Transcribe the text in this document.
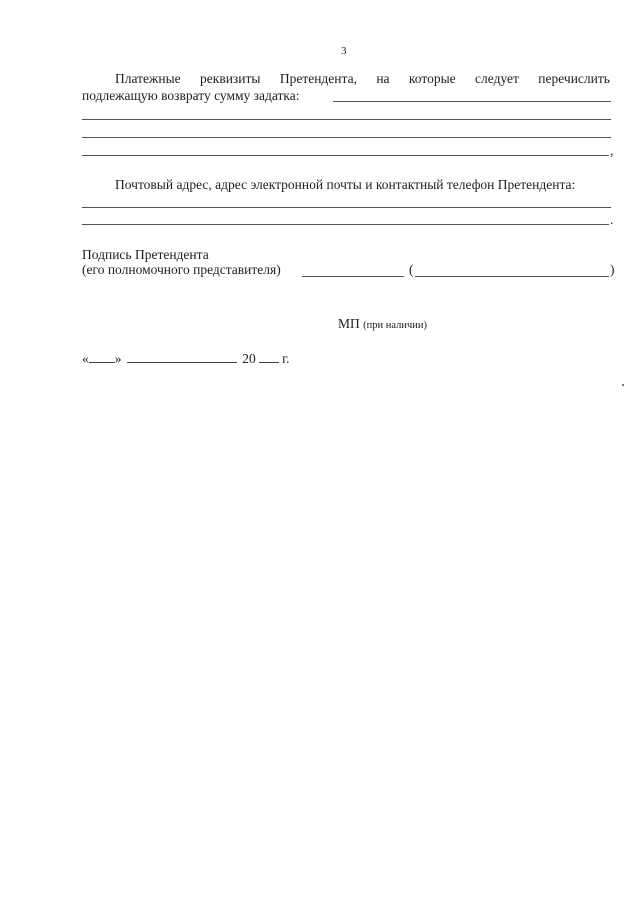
3
Платежные реквизиты Претендента, на которые следует перечислить
подлежащую возврату сумму задатка:
,
Почтовый адрес, адрес электронной почты и контактный телефон Претендента:
.
Подпись Претендента
(его полномочного представителя)	(	)
МП (при наличии)
« »	20 г.
